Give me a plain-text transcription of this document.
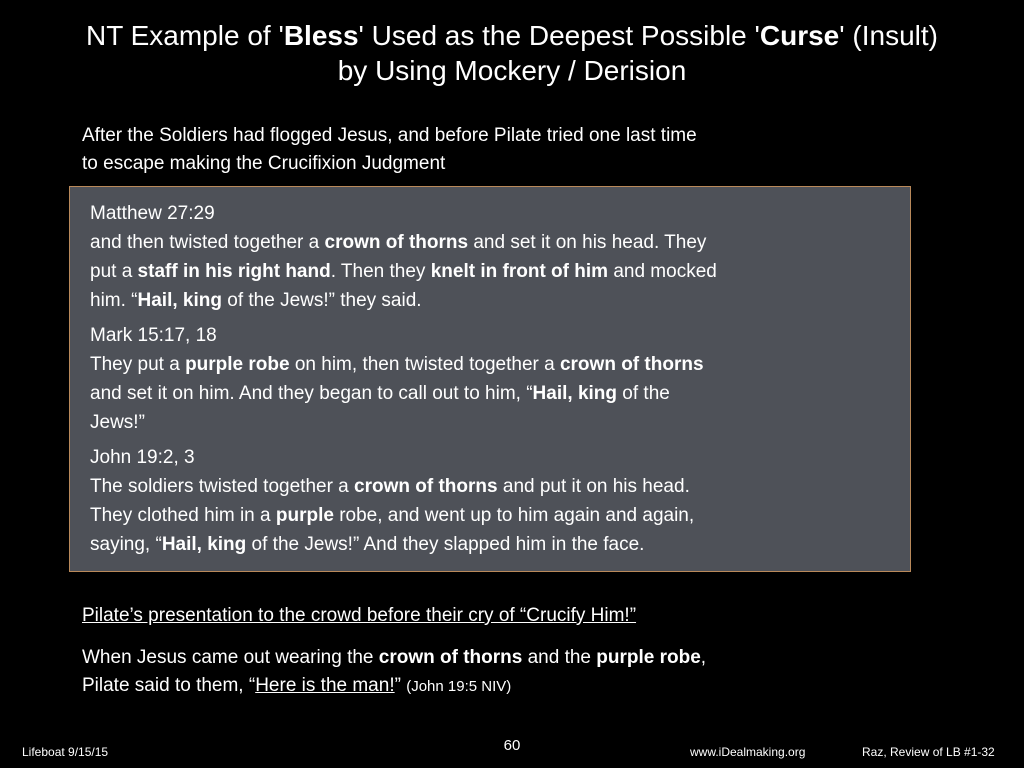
NT Example of 'Bless' Used as the Deepest Possible 'Curse' (Insult)
by Using Mockery / Derision
After the Soldiers had flogged Jesus, and before Pilate tried one last time
to escape making the Crucifixion Judgment
Matthew 27:29
and then twisted together a crown of thorns and set it on his head. They
put a staff in his right hand. Then they knelt in front of him and mocked
him. “Hail, king of the Jews!” they said.
Mark 15:17, 18
They put a purple robe on him, then twisted together a crown of thorns
and set it on him. And they began to call out to him, “Hail, king of the
Jews!”
John 19:2, 3
The soldiers twisted together a crown of thorns and put it on his head.
They clothed him in a purple robe, and went up to him again and again,
saying, “Hail, king of the Jews!” And they slapped him in the face.
Pilate’s presentation to the crowd before their cry of “Crucify Him!”
When Jesus came out wearing the crown of thorns and the purple robe,
Pilate said to them, “Here is the man!” (John 19:5 NIV)
Lifeboat 9/15/15	60	www.iDealmaking.org	Raz, Review of LB #1-32
